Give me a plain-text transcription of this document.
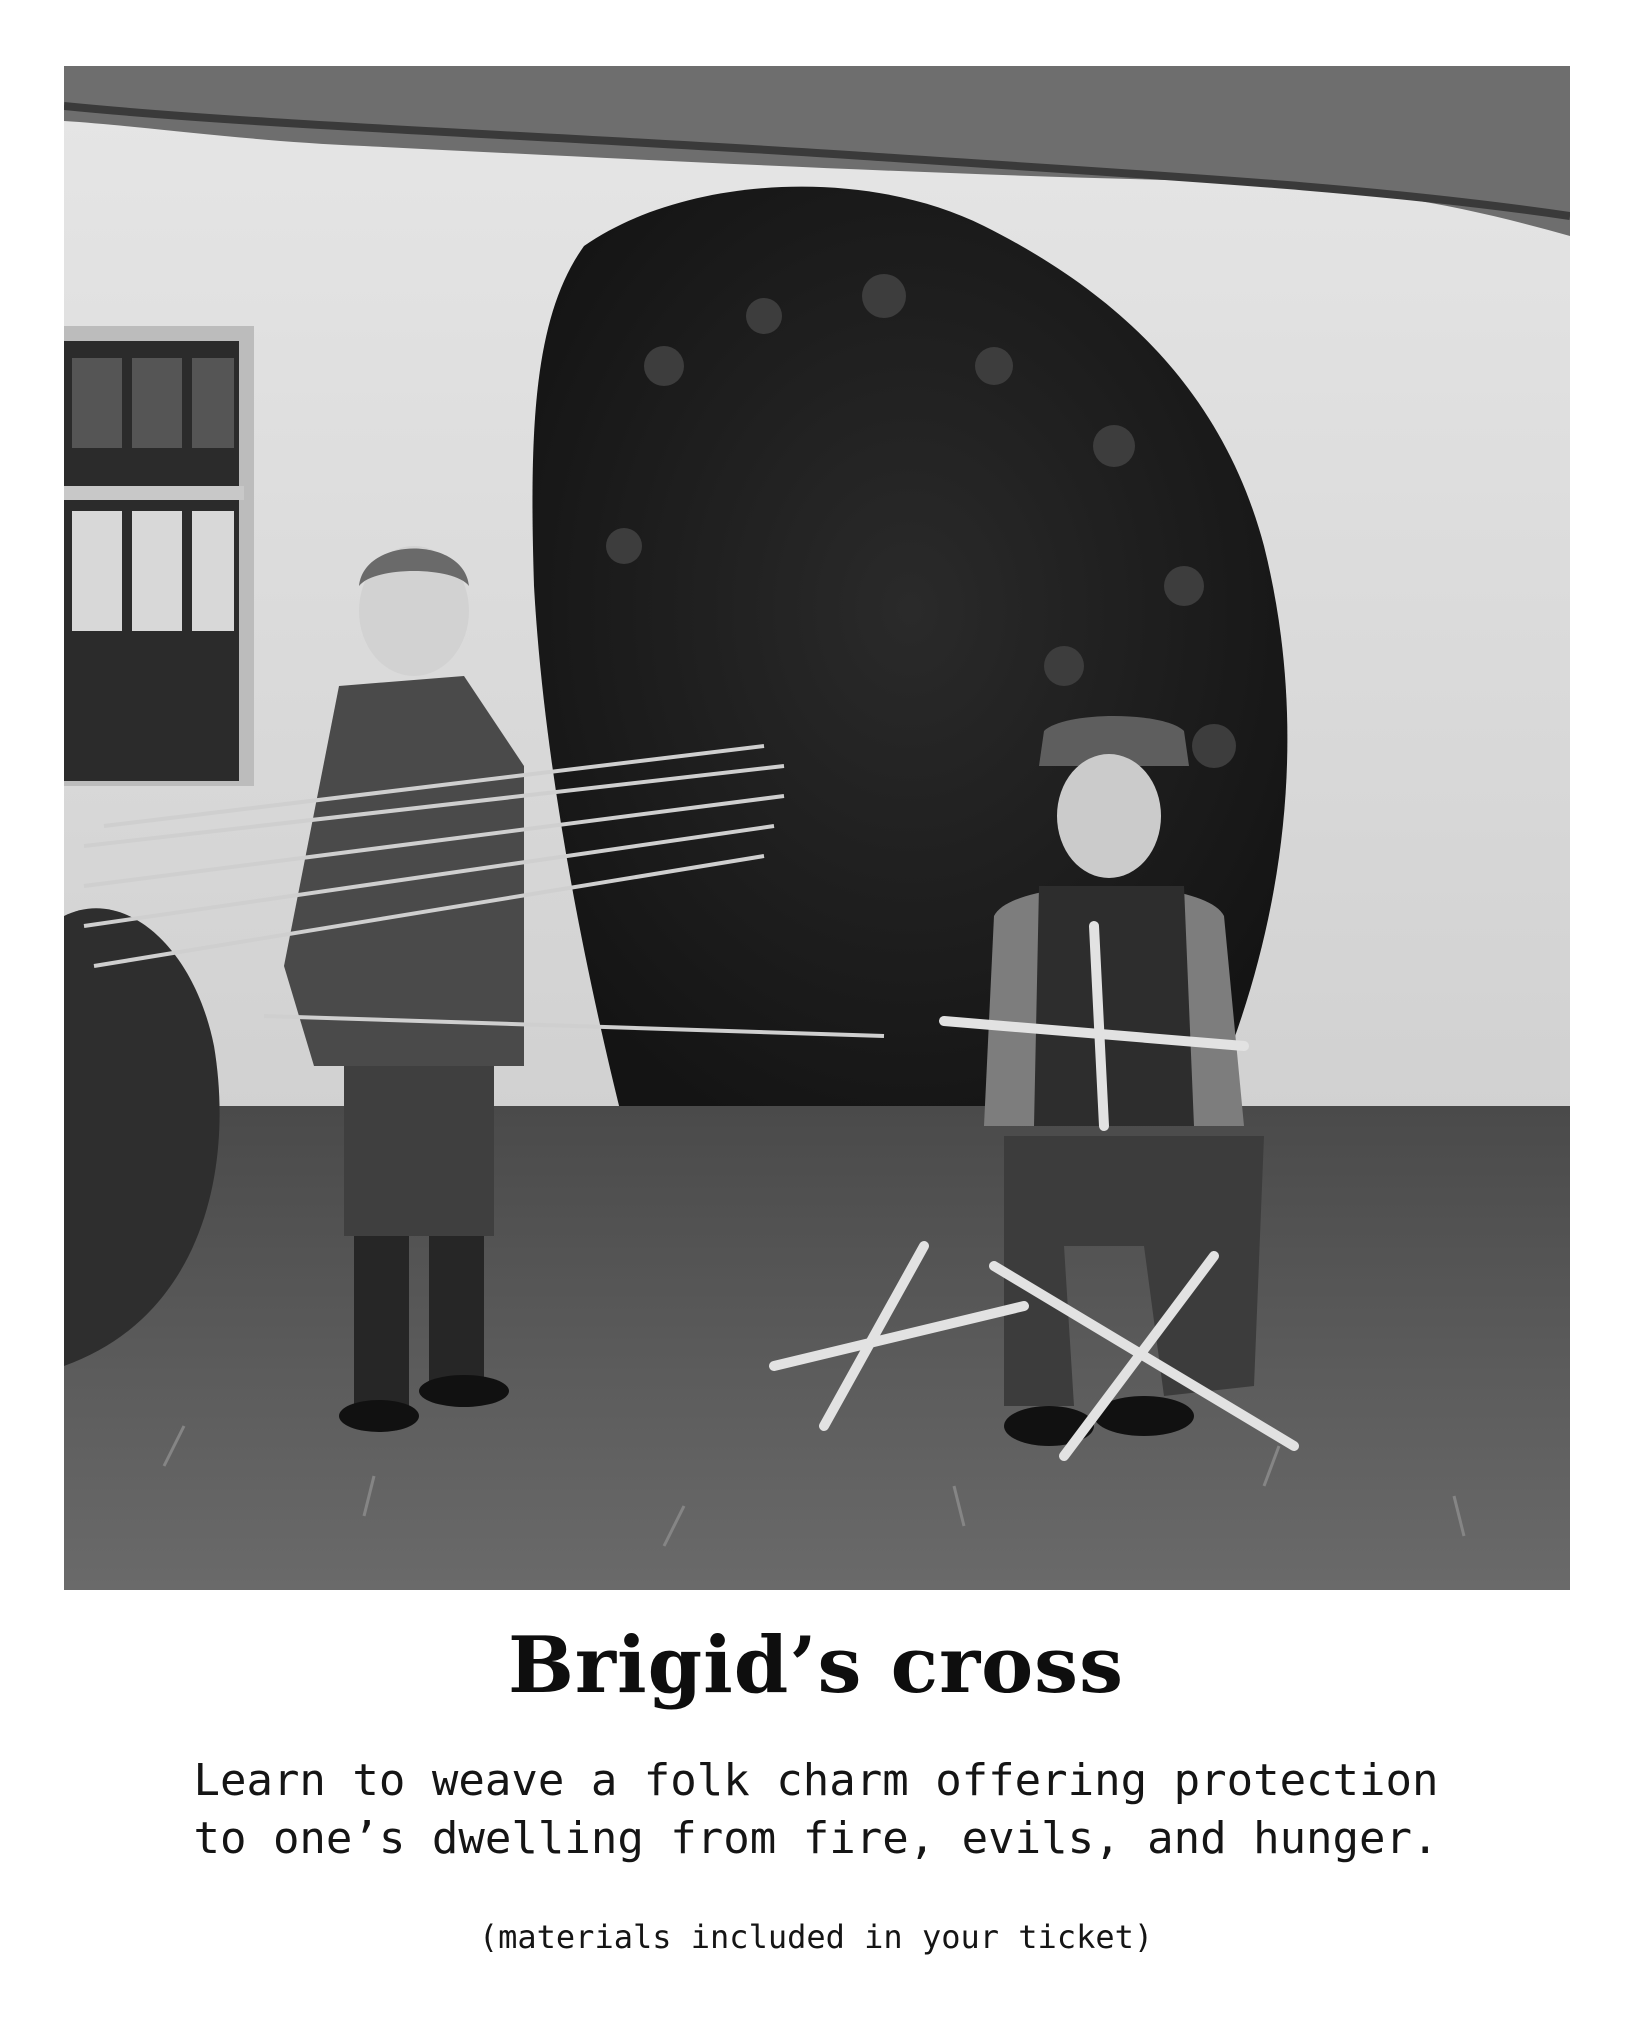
Brigid’s cross
Learn to weave a folk charm offering protection
to one’s dwelling from fire, evils, and hunger.
(materials included in your ticket)
